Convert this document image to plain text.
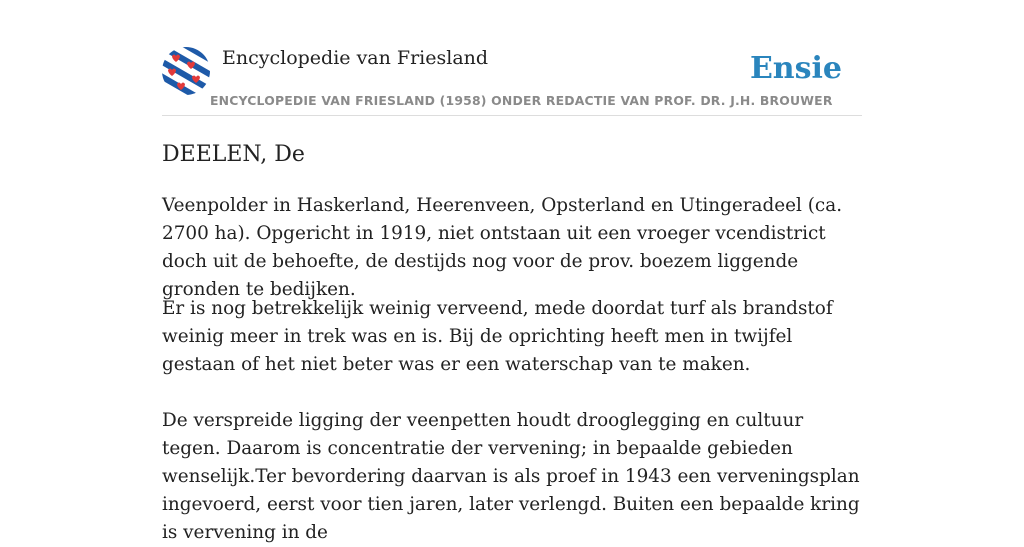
Encyclopedie van Friesland	Ensie
ENCYCLOPEDIE VAN FRIESLAND (1958) ONDER REDACTIE VAN PROF. DR. J.H. BROUWER
DEELEN, De

Veenpolder in Haskerland, Heerenveen, Opsterland en Utingeradeel (ca. 2700 ha). Opgericht in 1919, niet ontstaan uit een vroeger vcendistrict doch uit de behoefte, de destijds nog voor de prov. boezem liggende gronden te bedijken.

Er is nog betrekkelijk weinig verveend, mede doordat turf als brandstof weinig meer in trek was en is. Bij de oprichting heeft men in twijfel gestaan of het niet beter was er een waterschap van te maken.

De verspreide ligging der veenpetten houdt drooglegging en cultuur tegen. Daarom is concentratie der vervening; in bepaalde gebieden wenselijk.Ter bevordering daarvan is als proef in 1943 een verveningsplan ingevoerd, eerst voor tien jaren, later verlengd. Buiten een bepaalde kring is vervening in de
